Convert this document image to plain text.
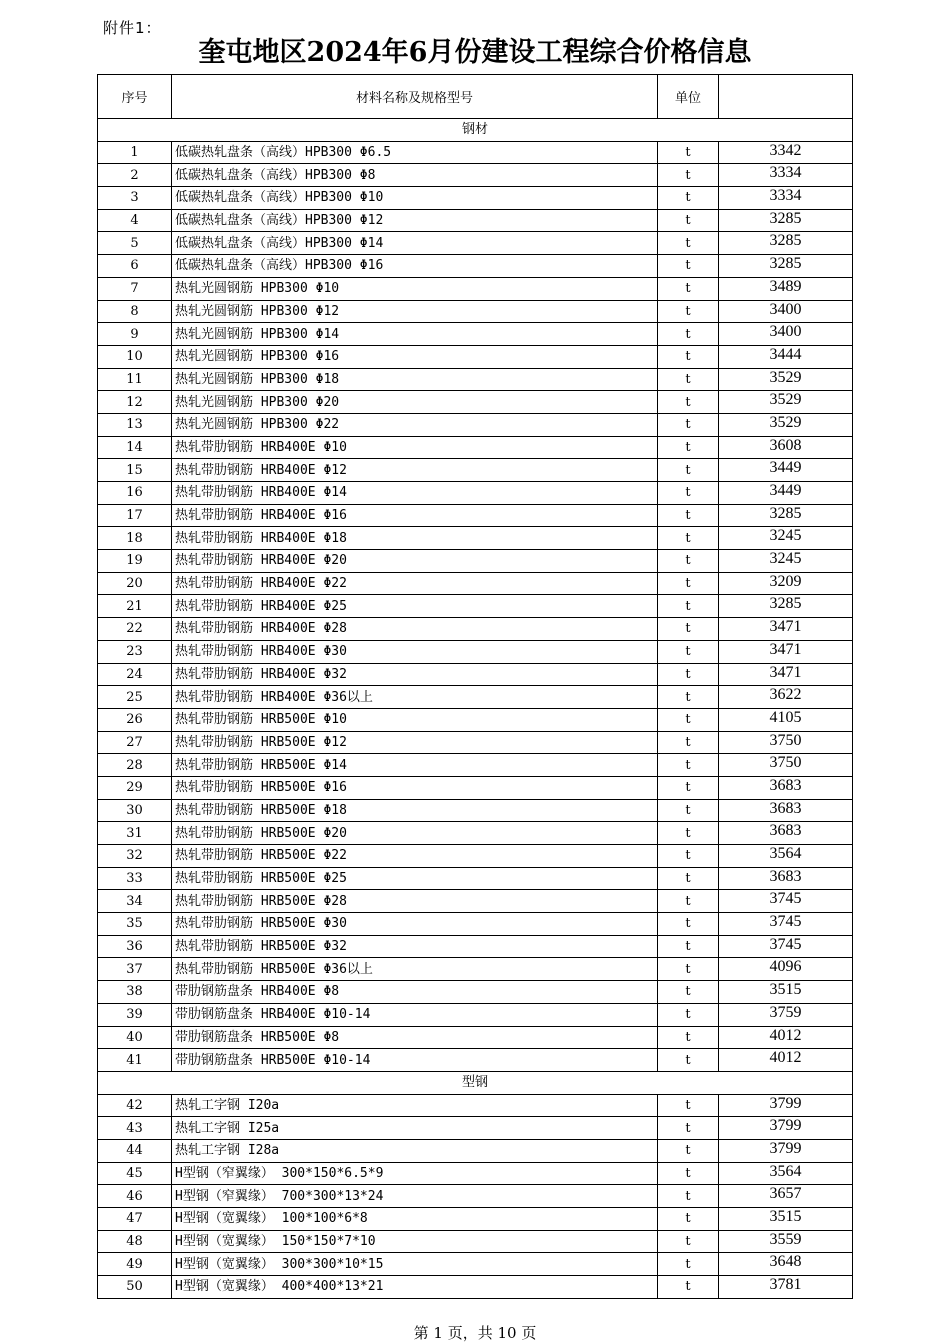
附件1：
奎屯地区2024年6月份建设工程综合价格信息
序号	材料名称及规格型号	单位	
钢材			
1	低碳热轧盘条（高线）HPB300 Φ6.5	t	3342
2	低碳热轧盘条（高线）HPB300 Φ8	t	3334
3	低碳热轧盘条（高线）HPB300 Φ10	t	3334
4	低碳热轧盘条（高线）HPB300 Φ12	t	3285
5	低碳热轧盘条（高线）HPB300 Φ14	t	3285
6	低碳热轧盘条（高线）HPB300 Φ16	t	3285
7	热轧光圆钢筋 HPB300 Φ10	t	3489
8	热轧光圆钢筋 HPB300 Φ12	t	3400
9	热轧光圆钢筋 HPB300 Φ14	t	3400
10	热轧光圆钢筋 HPB300 Φ16	t	3444
11	热轧光圆钢筋 HPB300 Φ18	t	3529
12	热轧光圆钢筋 HPB300 Φ20	t	3529
13	热轧光圆钢筋 HPB300 Φ22	t	3529
14	热轧带肋钢筋 HRB400E Φ10	t	3608
15	热轧带肋钢筋 HRB400E Φ12	t	3449
16	热轧带肋钢筋 HRB400E Φ14	t	3449
17	热轧带肋钢筋 HRB400E Φ16	t	3285
18	热轧带肋钢筋 HRB400E Φ18	t	3245
19	热轧带肋钢筋 HRB400E Φ20	t	3245
20	热轧带肋钢筋 HRB400E Φ22	t	3209
21	热轧带肋钢筋 HRB400E Φ25	t	3285
22	热轧带肋钢筋 HRB400E Φ28	t	3471
23	热轧带肋钢筋 HRB400E Φ30	t	3471
24	热轧带肋钢筋 HRB400E Φ32	t	3471
25	热轧带肋钢筋 HRB400E Φ36以上	t	3622
26	热轧带肋钢筋 HRB500E Φ10	t	4105
27	热轧带肋钢筋 HRB500E Φ12	t	3750
28	热轧带肋钢筋 HRB500E Φ14	t	3750
29	热轧带肋钢筋 HRB500E Φ16	t	3683
30	热轧带肋钢筋 HRB500E Φ18	t	3683
31	热轧带肋钢筋 HRB500E Φ20	t	3683
32	热轧带肋钢筋 HRB500E Φ22	t	3564
33	热轧带肋钢筋 HRB500E Φ25	t	3683
34	热轧带肋钢筋 HRB500E Φ28	t	3745
35	热轧带肋钢筋 HRB500E Φ30	t	3745
36	热轧带肋钢筋 HRB500E Φ32	t	3745
37	热轧带肋钢筋 HRB500E Φ36以上	t	4096
38	带肋钢筋盘条 HRB400E Φ8	t	3515
39	带肋钢筋盘条 HRB400E Φ10-14	t	3759
40	带肋钢筋盘条 HRB500E Φ8	t	4012
41	带肋钢筋盘条 HRB500E Φ10-14	t	4012
型钢			
42	热轧工字钢 I20a	t	3799
43	热轧工字钢 I25a	t	3799
44	热轧工字钢 I28a	t	3799
45	H型钢（窄翼缘） 300*150*6.5*9	t	3564
46	H型钢（窄翼缘） 700*300*13*24	t	3657
47	H型钢（宽翼缘） 100*100*6*8	t	3515
48	H型钢（宽翼缘） 150*150*7*10	t	3559
49	H型钢（宽翼缘） 300*300*10*15	t	3648
50	H型钢（宽翼缘） 400*400*13*21	t	3781
第 1 页，共 10 页
